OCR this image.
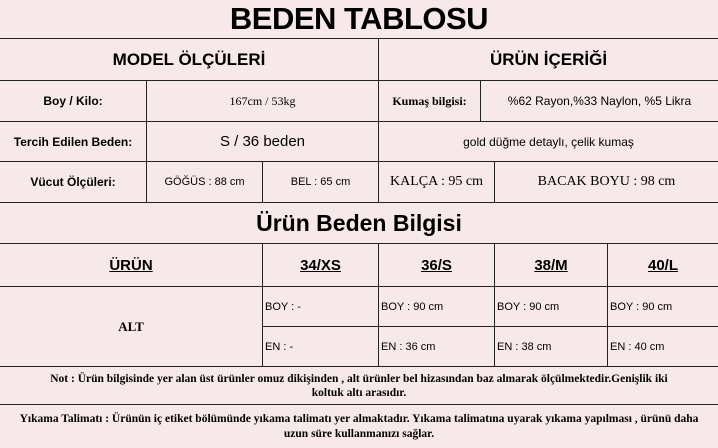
BEDEN TABLOSU
MODEL ÖLÇÜLERİ	ÜRÜN İÇERİĞİ
Boy / Kilo:	167cm / 53kg	Kumaş bilgisi:	%62 Rayon,%33 Naylon, %5 Likra
Tercih Edilen Beden:	S / 36 beden	gold düğme detaylı, çelik kumaş
Vücut Ölçüleri:	GÖĞÜS : 88 cm	BEL : 65 cm	KALÇA : 95 cm	BACAK BOYU : 98 cm
Ürün Beden Bilgisi
ÜRÜN	34/XS	36/S	38/M	40/L
ALT
BOY : -	BOY : 90 cm	BOY : 90 cm	BOY : 90 cm
EN : -	EN : 36 cm	EN : 38 cm	EN : 40 cm
Not : Ürün bilgisinde yer alan üst ürünler omuz dikişinden , alt ürünler bel hizasından baz almarak ölçülmektedir.Genişlik iki koltuk altı arasıdır.
Yıkama Talimatı : Ürünün iç etiket bölümünde yıkama talimatı yer almaktadır. Yıkama talimatına uyarak yıkama yapılması , ürünü daha uzun süre kullanmanızı sağlar.
